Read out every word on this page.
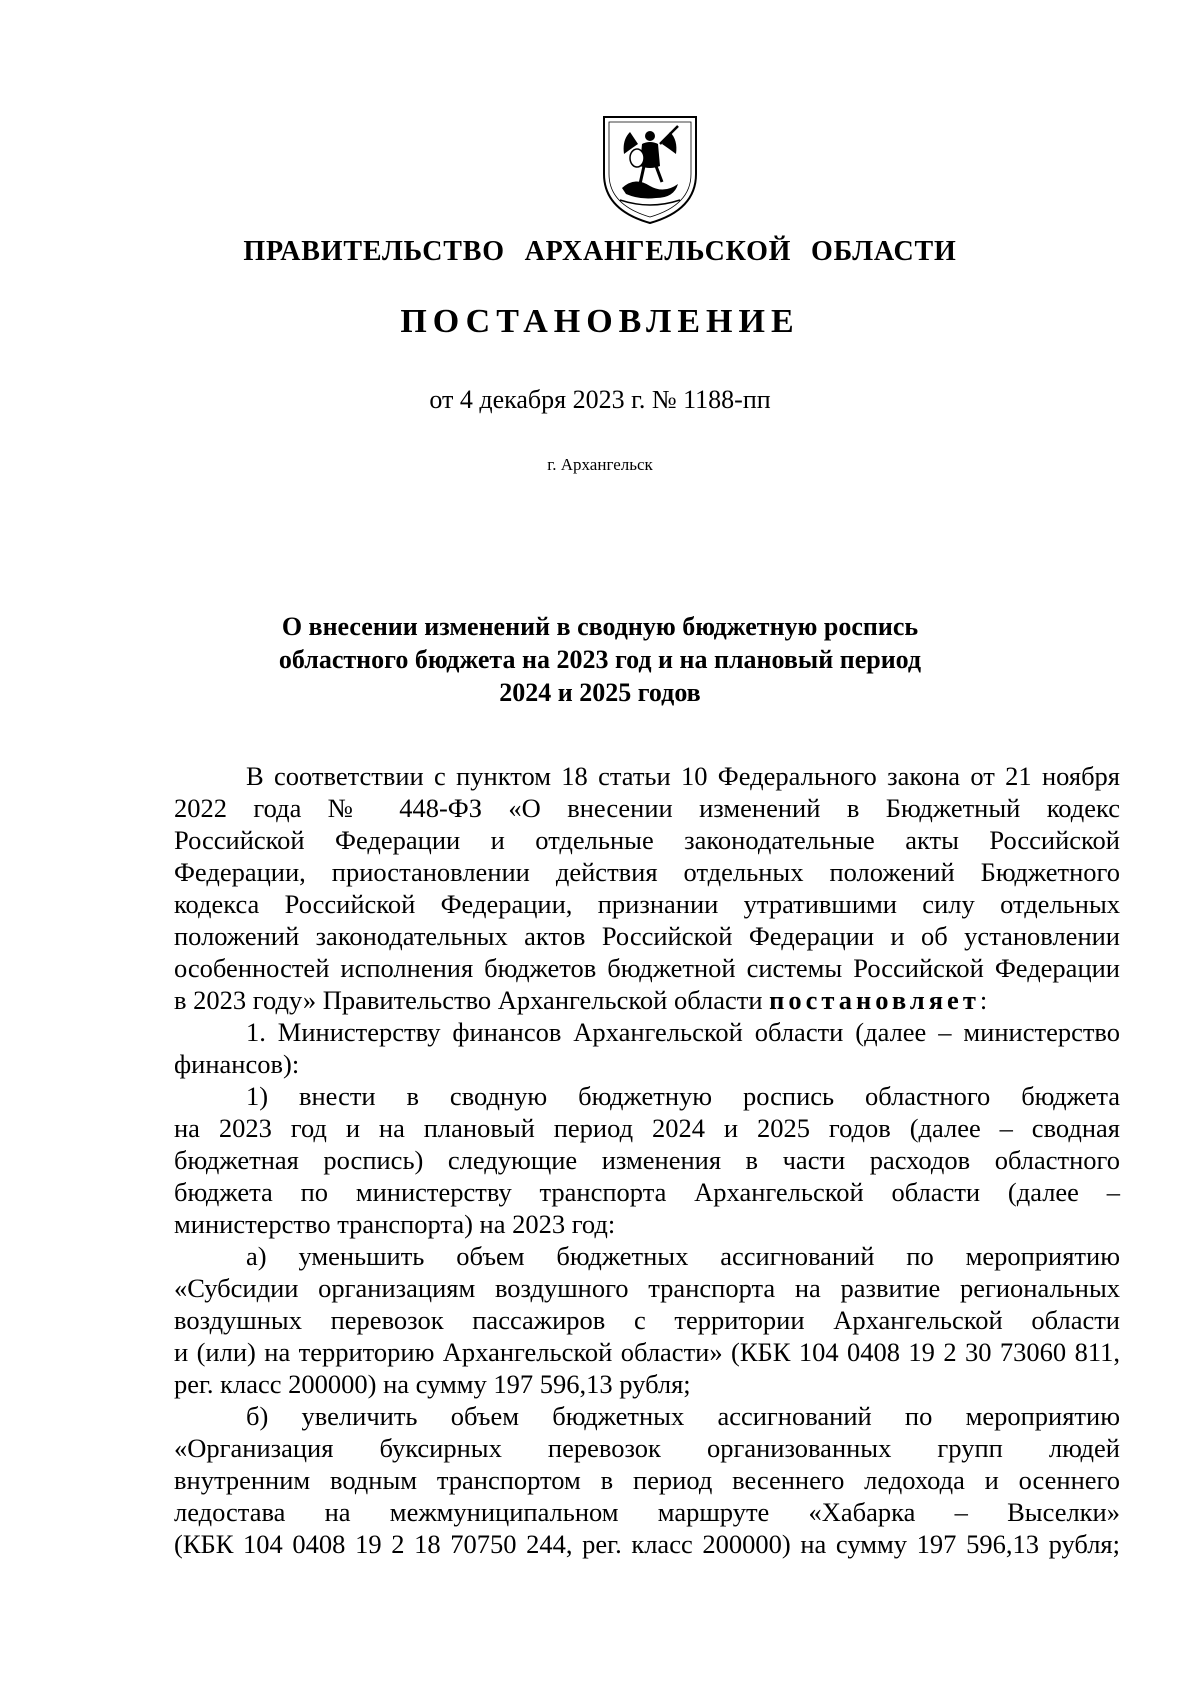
ПРАВИТЕЛЬСТВО АРХАНГЕЛЬСКОЙ ОБЛАСТИ
ПОСТАНОВЛЕНИЕ
от 4 декабря 2023 г. № 1188-пп
г. Архангельск
О внесении изменений в сводную бюджетную роспись
областного бюджета на 2023 год и на плановый период
2024 и 2025 годов
В соответствии с пунктом 18 статьи 10 Федерального закона от 21 ноября
2022 года № 448-ФЗ «О внесении изменений в Бюджетный кодекс
Российской Федерации и отдельные законодательные акты Российской
Федерации, приостановлении действия отдельных положений Бюджетного
кодекса Российской Федерации, признании утратившими силу отдельных
положений законодательных актов Российской Федерации и об установлении
особенностей исполнения бюджетов бюджетной системы Российской Федерации
в 2023 году» Правительство Архангельской области постановляет:
1. Министерству финансов Архангельской области (далее – министерство
финансов):
1) внести в сводную бюджетную роспись областного бюджета
на 2023 год и на плановый период 2024 и 2025 годов (далее – сводная
бюджетная роспись) следующие изменения в части расходов областного
бюджета по министерству транспорта Архангельской области (далее –
министерство транспорта) на 2023 год:
а) уменьшить объем бюджетных ассигнований по мероприятию
«Субсидии организациям воздушного транспорта на развитие региональных
воздушных перевозок пассажиров с территории Архангельской области
и (или) на территорию Архангельской области» (КБК 104 0408 19 2 30 73060 811,
рег. класс 200000) на сумму 197 596,13 рубля;
б) увеличить объем бюджетных ассигнований по мероприятию
«Организация буксирных перевозок организованных групп людей
внутренним водным транспортом в период весеннего ледохода и осеннего
ледостава на межмуниципальном маршруте «Хабарка – Выселки»
(КБК 104 0408 19 2 18 70750 244, рег. класс 200000) на сумму 197 596,13 рубля;
